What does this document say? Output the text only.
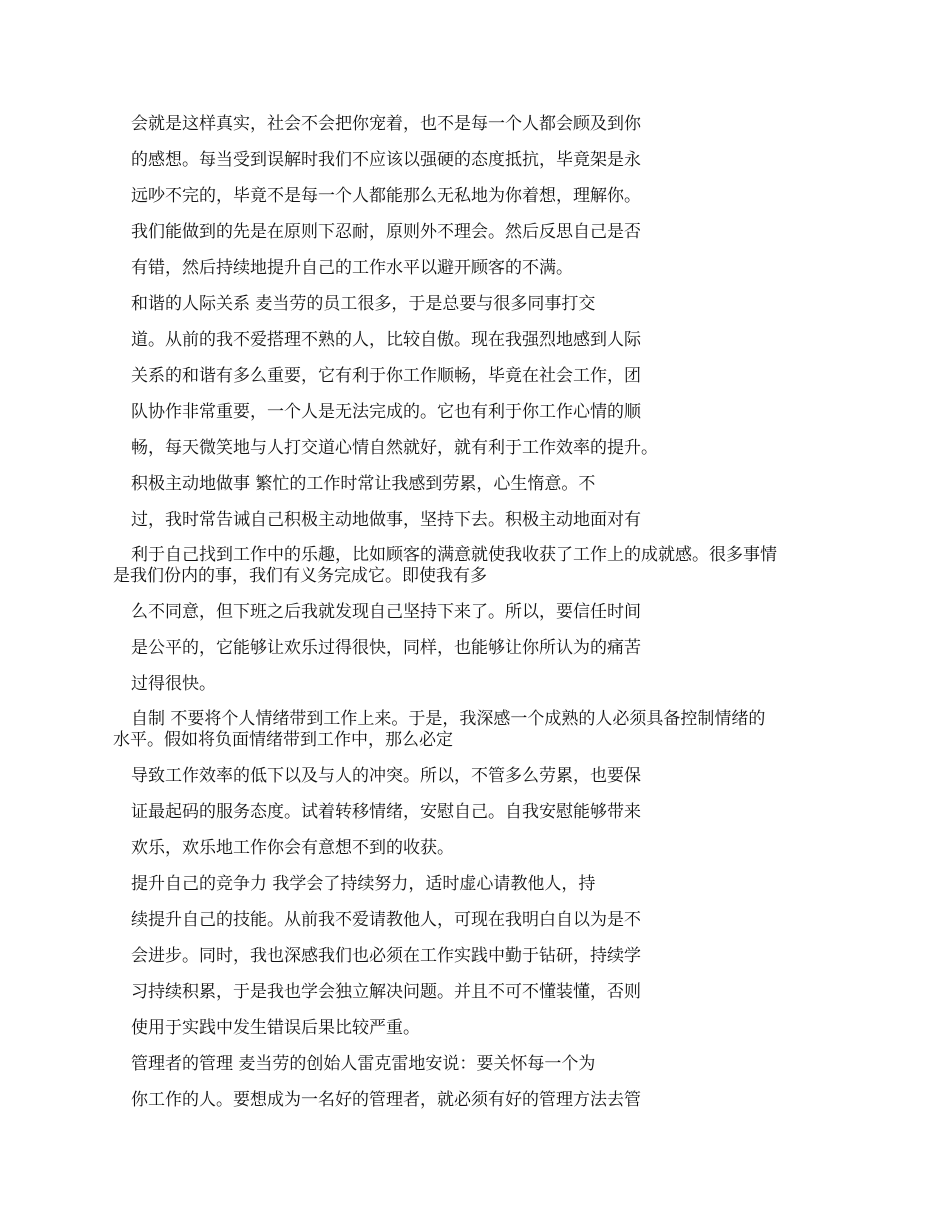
会就是这样真实，社会不会把你宠着，也不是每一个人都会顾及到你
的感想。每当受到误解时我们不应该以强硬的态度抵抗，毕竟架是永
远吵不完的，毕竟不是每一个人都能那么无私地为你着想，理解你。
我们能做到的先是在原则下忍耐，原则外不理会。然后反思自己是否
有错，然后持续地提升自己的工作水平以避开顾客的不满。
和谐的人际关系 麦当劳的员工很多，于是总要与很多同事打交
道。从前的我不爱搭理不熟的人，比较自傲。现在我强烈地感到人际
关系的和谐有多么重要，它有利于你工作顺畅，毕竟在社会工作，团
队协作非常重要，一个人是无法完成的。它也有利于你工作心情的顺
畅，每天微笑地与人打交道心情自然就好，就有利于工作效率的提升。
积极主动地做事 繁忙的工作时常让我感到劳累，心生惰意。不
过，我时常告诫自己积极主动地做事，坚持下去。积极主动地面对有
利于自己找到工作中的乐趣，比如顾客的满意就使我收获了工作上的成就感。很多事情
是我们份内的事，我们有义务完成它。即使我有多
么不同意，但下班之后我就发现自己坚持下来了。所以，要信任时间
是公平的，它能够让欢乐过得很快，同样，也能够让你所认为的痛苦
过得很快。
自制 不要将个人情绪带到工作上来。于是，我深感一个成熟的人必须具备控制情绪的
水平。假如将负面情绪带到工作中，那么必定
导致工作效率的低下以及与人的冲突。所以，不管多么劳累，也要保
证最起码的服务态度。试着转移情绪，安慰自己。自我安慰能够带来
欢乐，欢乐地工作你会有意想不到的收获。
提升自己的竞争力 我学会了持续努力，适时虚心请教他人，持
续提升自己的技能。从前我不爱请教他人，可现在我明白自以为是不
会进步。同时，我也深感我们也必须在工作实践中勤于钻研，持续学
习持续积累，于是我也学会独立解决问题。并且不可不懂装懂，否则
使用于实践中发生错误后果比较严重。
管理者的管理 麦当劳的创始人雷克雷地安说：要关怀每一个为
你工作的人。要想成为一名好的管理者，就必须有好的管理方法去管
